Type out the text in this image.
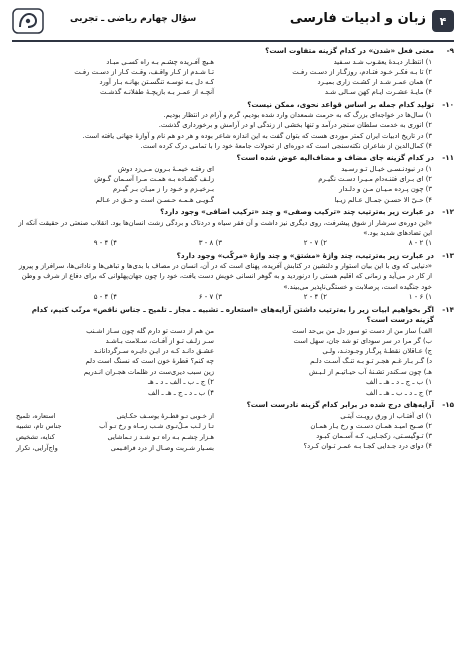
۴
زبان و ادبیات فارسی
سؤال چهارم ریاضی ـ تجربی
۹-
معنی فعل «شدن» در کدام گزینه متفاوت است؟
۱) انتظـار دیـدهٔ یعقـوب شـد سـفید
هـیچ آفـریده چشـم بـه راه کسـی مبـاد
۲) تا بـه فکـر خـود فتـادم، روزگـار از دسـت رفـت
تـا شـدم از کـار واقـف، وقـت کـار از دسـت رفـت
۳) همان عمـر شـد ار کشـت زاری بمیـرد
کـه دل بـه توسـه تنگسـتن بهانـه بـار آورد
۴) مایـهٔ عشـرت ایـام کهن سـالی شـد
آنچـه از عمـر بـه بازیچـهٔ طفلانـه گذشـت
۱۰-
تولید کدام جمله بر اساس قواعد نحوی، ممکن نیست؟
۱) سال‌ها در خواجه‌ای بزرگ که به حرمت شمعدان وارد شده بودیم، گرم و آرام در انتظار بودیم.
۲) انوری به خدمت سلطان سنجر درآمد و تنها بخشی از زندگی او در آرامش و برخورداری گذشت.
۳) در تاریخ ادبیات ایران کمتر موردی هست که بتوان گفت به این اندازه شاعر بوده و هر دو هم نام و آوازهٔ جهانی یافته است.
۴) کمال‌الدین از شاعران نکته‌سنجی است که دوره‌ای از تحولات جامعهٔ خود را با تمامی درک کرده است.
۱۱-
در کدام گزینه جای مضاف و مضاف‌الیه عوض شده است؟
۱) در نبودنـسـی خیـال تـو رسـید
ای رفتـه خیمـهٔ بـرون مـی‌زد دوش
۲) ای بـرای فتنـه‌دام مـیـرا دسـت نگیـرم
زلـف گشـاده بـه همـت مـرا آسـمان گـوش
۳) چون پـرده مـیـان مـن و دلـدار
بـرخیـزم و خـود را ز میـان بـر گیـرم
۴) حـیّ الا حسـن جمـال عـالم زیـبا
گـویـی هـمـه حـسـن است و حـق در عـالم
۱۲-
در عبارت زیر به‌ترتیب چند «ترکیب وصفی» و چند «ترکیب اضافی» وجود دارد؟
«این دوره‌ی سرشار از شوق پیشرفت، روی دیگری نیز داشت و آن فقر سیاه و دردناک و بردگی زشت انسان‌ها بود. انقلاب صنعتی در حقیقت آنکه از این تضادهای شدید بود.»
۱) ۲ - ۸
۲) ۷ - ۲
۳) ۸ - ۳
۴) ۴ - ۹
۱۳-
در عبارت زیر به‌ترتیب، چند واژهٔ «مشتق» و چند واژهٔ «مرکّب» وجود دارد؟
«دنیایی که وی با این بیان استوار و دلنشین در کتابش آفریده، پهنای است که در آن، انسان در مصاف با بدی‌ها و تباهی‌ها و نادانی‌ها، سرافراز و پیروز از کار در می‌آید و زمانی که اقلیم هستی را درنوردید و به گوهر انسانی خویش دست یافت، خود را چون جهان‌پهلوانی که برای دفاع از شرف و وطن خود جنگیده است، پرصلابت و خستگی‌ناپذیر می‌بیند.»
۱) ۶ - ۱
۲) ۴ - ۲
۳) ۷ - ۶
۴) ۴ - ۵
۱۴-
اگر بخواهیم ابیات زیر را به‌ترتیب داشتن آرایه‌های «استعاره ـ تشبیه ـ مجاز ـ تلمیح ـ جناس ناقص» مرتّب کنیم، کدام گزینه درست است؟
الف) ساز من از دست تو سوز دل من بی‌حد است
من هم از دست تو دارم گله چون سـاز اشـنب
ب) گر مرا در سر سودای تو شد جان، سهل است
سـر زلـف تـو از آفـات، سـلامت بـاشـد
ج) عـاقلان نقطـهٔ پرگـار وجـودنـد، ولـی
عشـق دانـد کـه در ایـن دایـره سـرگردانانـد
د) گـر بـار غـم هجـر تـو بـه تنـگ آسـت دلـم
چه کنم؟ قطرهٔ خون است که نسنگ است دلم
هـ) چون سـکندر تشـنهٔ آب حیـاتیـم از لـبـش
زین سبب دیری‌ست در ظلمات هجـران انـدریم
۱) ب ـ ج ـ د ـ هـ ـ الف
۲) ج ـ ب ـ الف ـ د ـ هـ
۳) ج ـ د ـ ب ـ هـ ـ الف
۴) ب ـ د ـ ج ـ هـ ـ الف
۱۵-
آرایه‌های درج شده در برابر کدام گزینه نادرست است؟
۱) ای آفتـاب از ورق رویـت آیتـی
۲) صـبح امیـد همـان دسـت و رخ یـار همـان
۳) تـوگیسـتی، زکجـایی، کـه آسـمان کبـود
۴) دوای درد جـدایی کجـا بـه عمـر تـوان کـرد؟
از خـوبی تـو قطـرهٔ یوسـف حکـایتی
استعاره، تلمیح
تـا ز لـب مـلّ‌تـوی شـب زمـاه و رخ تـو آب
جناس تام، تشبیه
هـزار چشـم بـه راه تـو شـد ز تـماشایی
کنایه، تشخیص
بسـیار شـربت وصـال از درد فراقـیمی
واج‌آرایی، تکرار
